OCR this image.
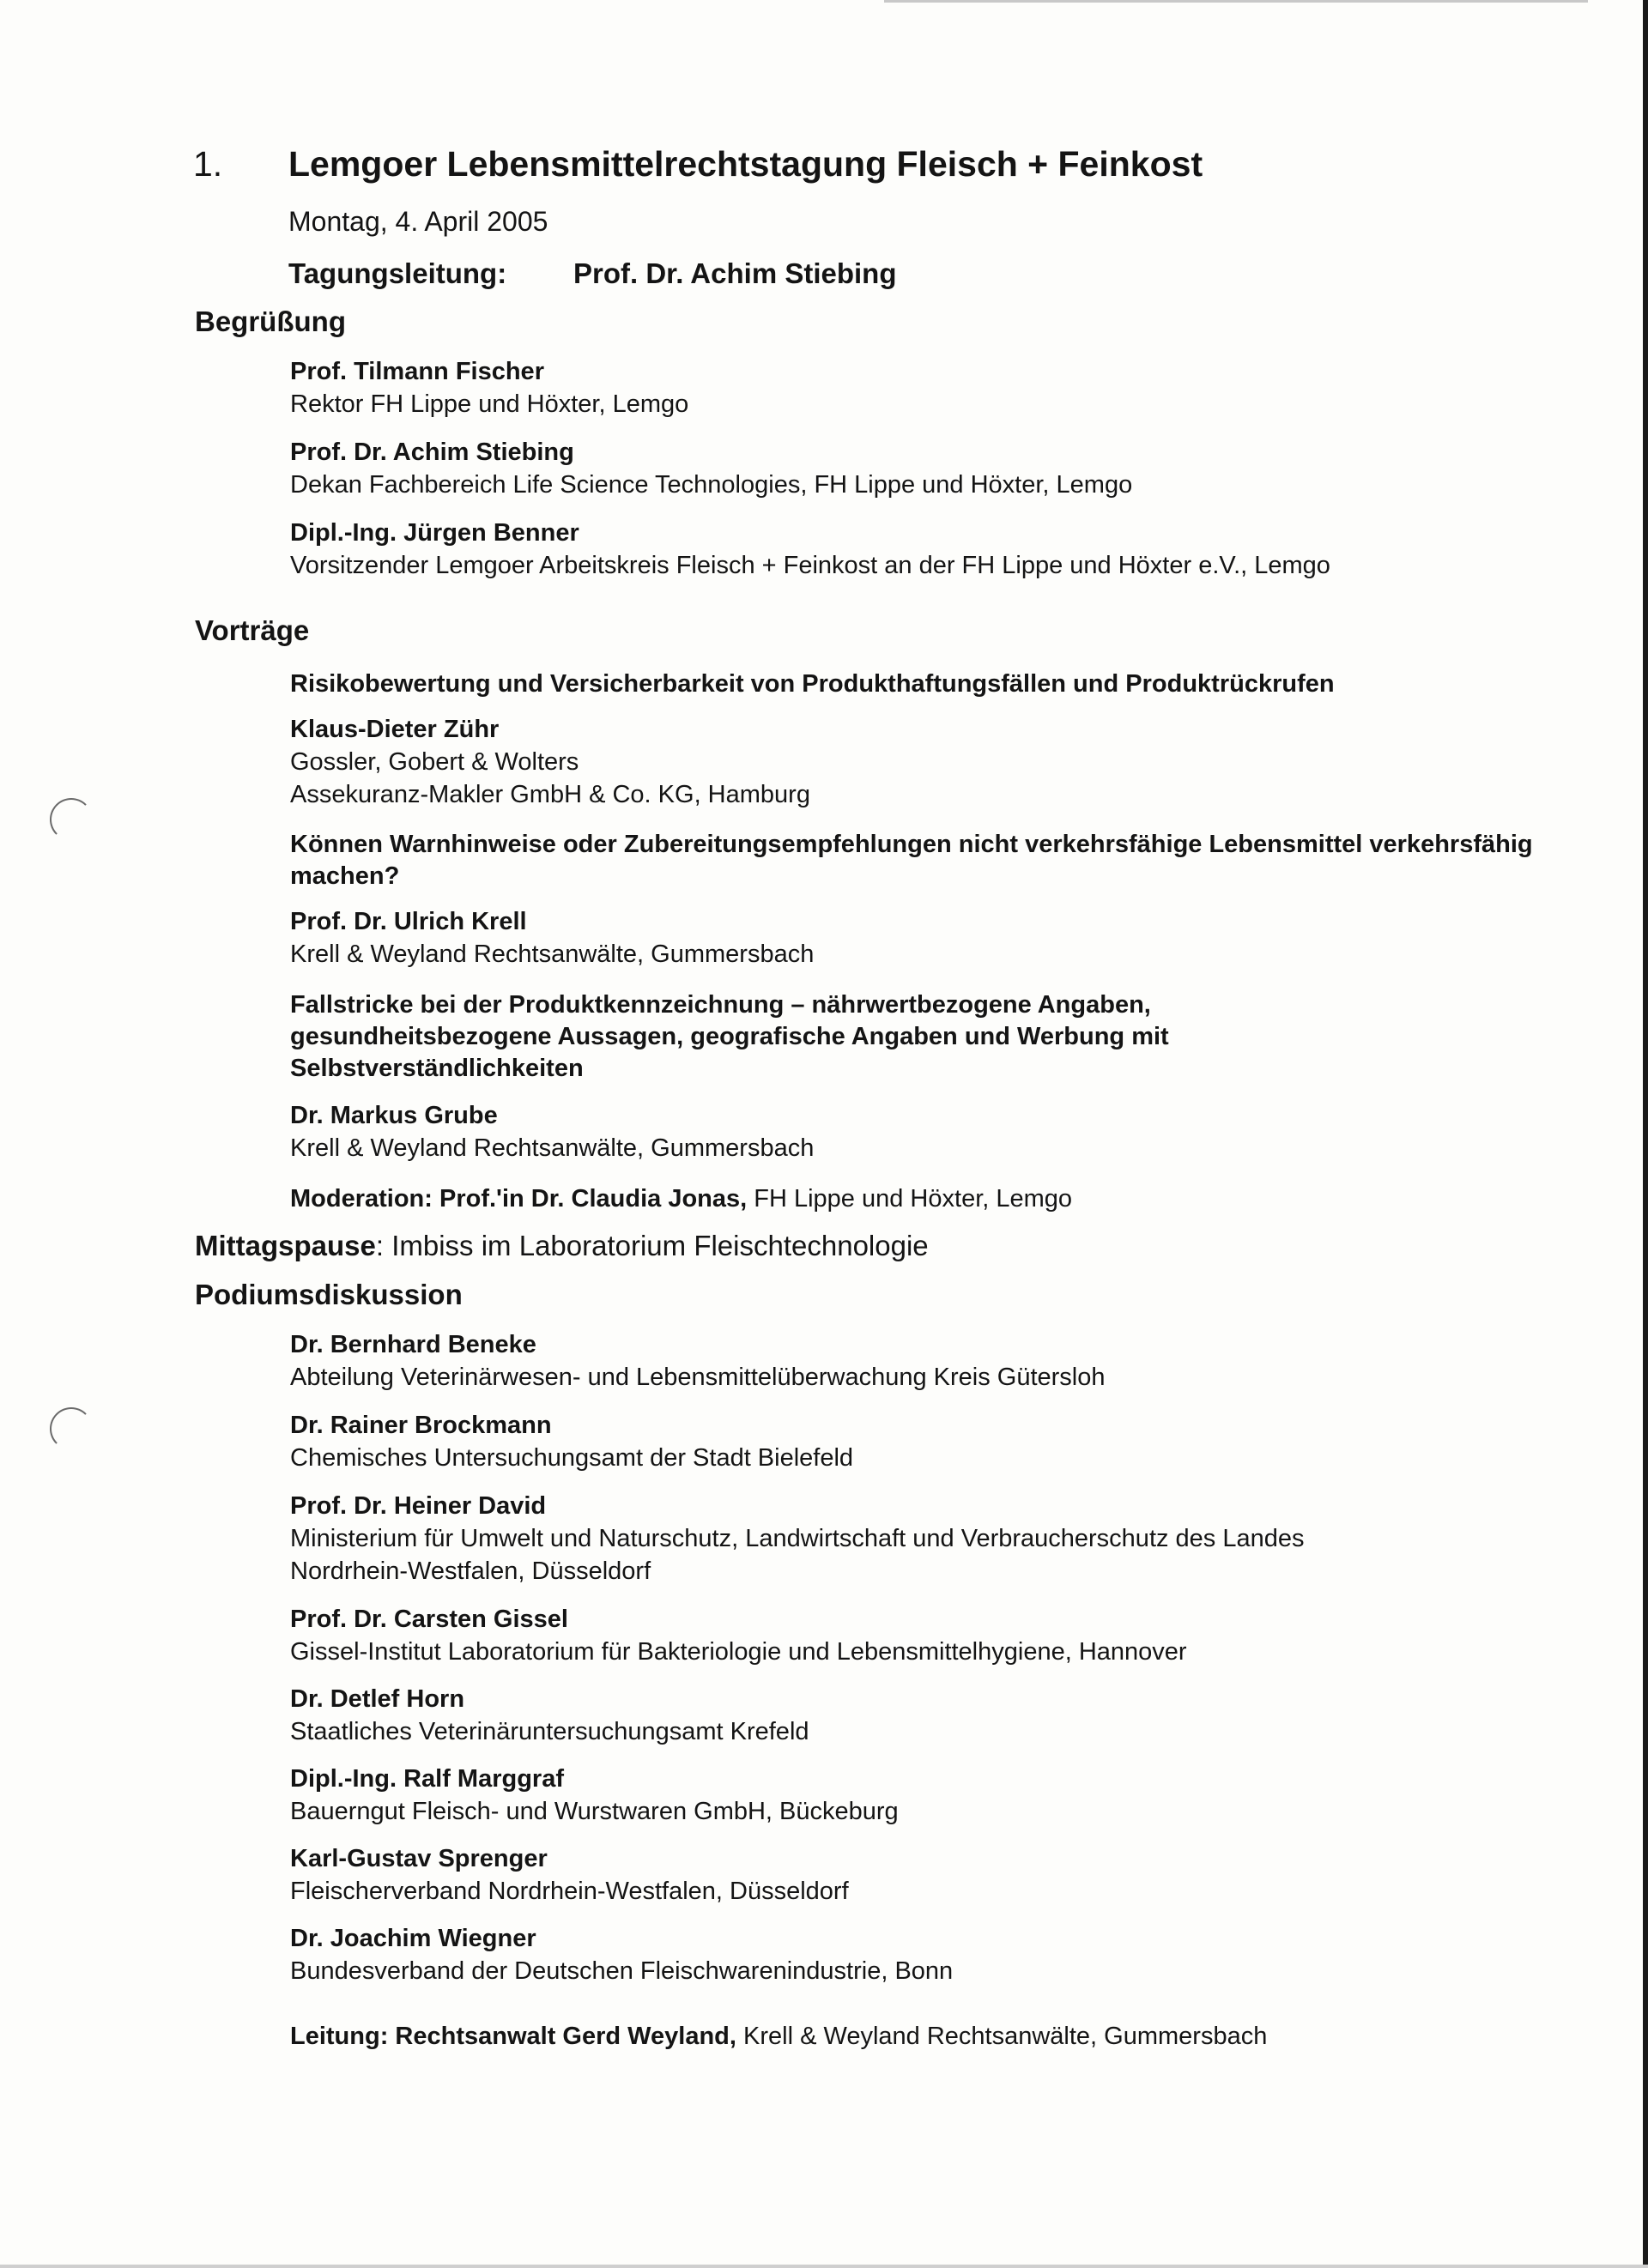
1. Lemgoer Lebensmittelrechtstagung Fleisch + Feinkost
Montag, 4. April 2005
Tagungsleitung: Prof. Dr. Achim Stiebing
Begrüßung
Prof. Tilmann Fischer
Rektor FH Lippe und Höxter, Lemgo
Prof. Dr. Achim Stiebing
Dekan Fachbereich Life Science Technologies, FH Lippe und Höxter, Lemgo
Dipl.-Ing. Jürgen Benner
Vorsitzender Lemgoer Arbeitskreis Fleisch + Feinkost an der FH Lippe und Höxter e.V., Lemgo
Vorträge
Risikobewertung und Versicherbarkeit von Produkthaftungsfällen und Produktrückrufen
Klaus-Dieter Zühr
Gossler, Gobert & Wolters
Assekuranz-Makler GmbH & Co. KG, Hamburg
Können Warnhinweise oder Zubereitungsempfehlungen nicht verkehrsfähige Lebensmittel verkehrsfähig machen?
Prof. Dr. Ulrich Krell
Krell & Weyland Rechtsanwälte, Gummersbach
Fallstricke bei der Produktkennzeichnung – nährwertbezogene Angaben, gesundheitsbezogene Aussagen, geografische Angaben und Werbung mit Selbstverständlichkeiten
Dr. Markus Grube
Krell & Weyland Rechtsanwälte, Gummersbach
Moderation: Prof.'in Dr. Claudia Jonas, FH Lippe und Höxter, Lemgo
Mittagspause: Imbiss im Laboratorium Fleischtechnologie
Podiumsdiskussion
Dr. Bernhard Beneke
Abteilung Veterinärwesen- und Lebensmittelüberwachung Kreis Gütersloh
Dr. Rainer Brockmann
Chemisches Untersuchungsamt der Stadt Bielefeld
Prof. Dr. Heiner David
Ministerium für Umwelt und Naturschutz, Landwirtschaft und Verbraucherschutz des Landes
Nordrhein-Westfalen, Düsseldorf
Prof. Dr. Carsten Gissel
Gissel-Institut Laboratorium für Bakteriologie und Lebensmittelhygiene, Hannover
Dr. Detlef Horn
Staatliches Veterinäruntersuchungsamt Krefeld
Dipl.-Ing. Ralf Marggraf
Bauerngut Fleisch- und Wurstwaren GmbH, Bückeburg
Karl-Gustav Sprenger
Fleischerverband Nordrhein-Westfalen, Düsseldorf
Dr. Joachim Wiegner
Bundesverband der Deutschen Fleischwarenindustrie, Bonn
Leitung: Rechtsanwalt Gerd Weyland, Krell & Weyland Rechtsanwälte, Gummersbach
